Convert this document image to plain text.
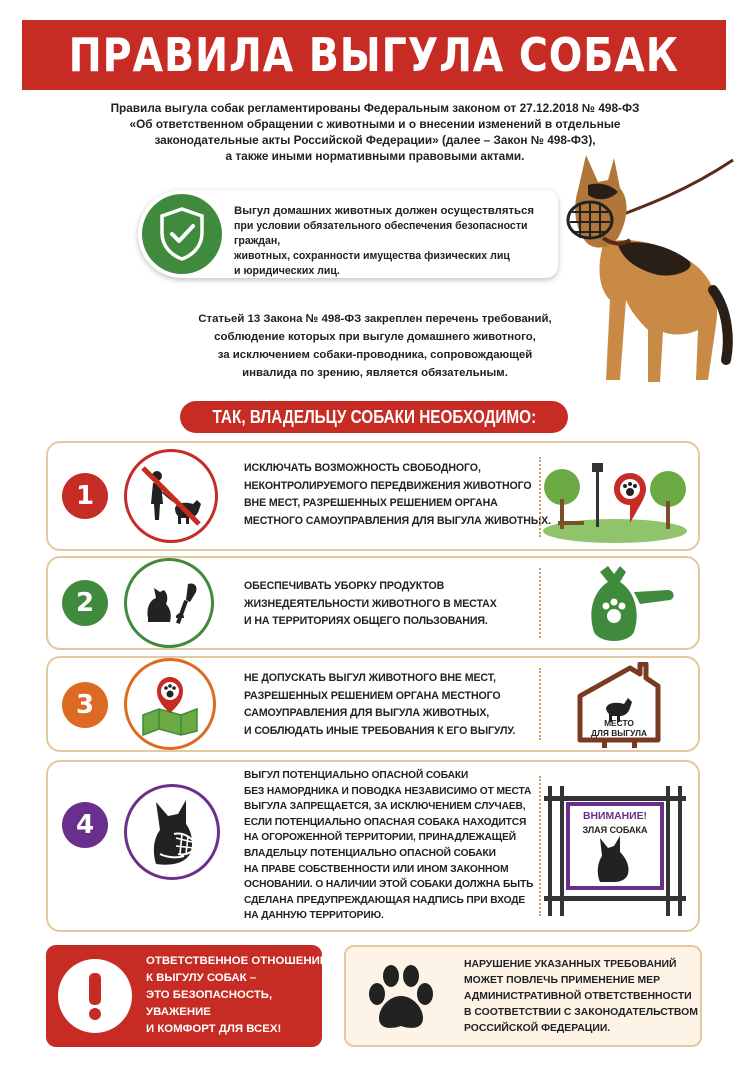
ПРАВИЛА ВЫГУЛА СОБАК
Правила выгула собак регламентированы Федеральным законом от 27.12.2018 № 498-ФЗ
«Об ответственном обращении с животными и о внесении изменений в отдельные
законодательные акты Российской Федерации» (далее – Закон № 498-ФЗ),
а также иными нормативными правовыми актами.
Выгул домашних животных должен осуществляться
при условии обязательного обеспечения безопасности граждан,
животных, сохранности имущества физических лиц
и юридических лиц.
Статьей 13 Закона № 498-ФЗ закреплен перечень требований,
соблюдение которых при выгуле домашнего животного,
за исключением собаки-проводника, сопровождающей
инвалида по зрению, является обязательным.
ТАК, ВЛАДЕЛЬЦУ СОБАКИ НЕОБХОДИМО:
1
ИСКЛЮЧАТЬ ВОЗМОЖНОСТЬ СВОБОДНОГО,
НЕКОНТРОЛИРУЕМОГО ПЕРЕДВИЖЕНИЯ ЖИВОТНОГО
ВНЕ МЕСТ, РАЗРЕШЕННЫХ РЕШЕНИЕМ ОРГАНА
МЕСТНОГО САМОУПРАВЛЕНИЯ ДЛЯ ВЫГУЛА ЖИВОТНЫХ.
2
ОБЕСПЕЧИВАТЬ УБОРКУ ПРОДУКТОВ
ЖИЗНЕДЕЯТЕЛЬНОСТИ ЖИВОТНОГО В МЕСТАХ
И НА ТЕРРИТОРИЯХ ОБЩЕГО ПОЛЬЗОВАНИЯ.
3
НЕ ДОПУСКАТЬ ВЫГУЛ ЖИВОТНОГО ВНЕ МЕСТ,
РАЗРЕШЕННЫХ РЕШЕНИЕМ ОРГАНА МЕСТНОГО
САМОУПРАВЛЕНИЯ ДЛЯ ВЫГУЛА ЖИВОТНЫХ,
И СОБЛЮДАТЬ ИНЫЕ ТРЕБОВАНИЯ К ЕГО ВЫГУЛУ.
МЕСТО
ДЛЯ ВЫГУЛА
4
ВЫГУЛ ПОТЕНЦИАЛЬНО ОПАСНОЙ СОБАКИ
БЕЗ НАМОРДНИКА И ПОВОДКА НЕЗАВИСИМО ОТ МЕСТА
ВЫГУЛА ЗАПРЕЩАЕТСЯ, ЗА ИСКЛЮЧЕНИЕМ СЛУЧАЕВ,
ЕСЛИ ПОТЕНЦИАЛЬНО ОПАСНАЯ СОБАКА НАХОДИТСЯ
НА ОГОРОЖЕННОЙ ТЕРРИТОРИИ, ПРИНАДЛЕЖАЩЕЙ
ВЛАДЕЛЬЦУ ПОТЕНЦИАЛЬНО ОПАСНОЙ СОБАКИ
НА ПРАВЕ СОБСТВЕННОСТИ ИЛИ ИНОМ ЗАКОННОМ
ОСНОВАНИИ. О НАЛИЧИИ ЭТОЙ СОБАКИ ДОЛЖНА БЫТЬ
СДЕЛАНА ПРЕДУПРЕЖДАЮЩАЯ НАДПИСЬ ПРИ ВХОДЕ
НА ДАННУЮ ТЕРРИТОРИЮ.
ВНИМАНИЕ!
ЗЛАЯ СОБАКА
ОТВЕТСТВЕННОЕ ОТНОШЕНИЕ
К ВЫГУЛУ СОБАК –
ЭТО БЕЗОПАСНОСТЬ,
УВАЖЕНИЕ
И КОМФОРТ ДЛЯ ВСЕХ!
НАРУШЕНИЕ УКАЗАННЫХ ТРЕБОВАНИЙ
МОЖЕТ ПОВЛЕЧЬ ПРИМЕНЕНИЕ МЕР
АДМИНИСТРАТИВНОЙ ОТВЕТСТВЕННОСТИ
В СООТВЕТСТВИИ С ЗАКОНОДАТЕЛЬСТВОМ
РОССИЙСКОЙ ФЕДЕРАЦИИ.
